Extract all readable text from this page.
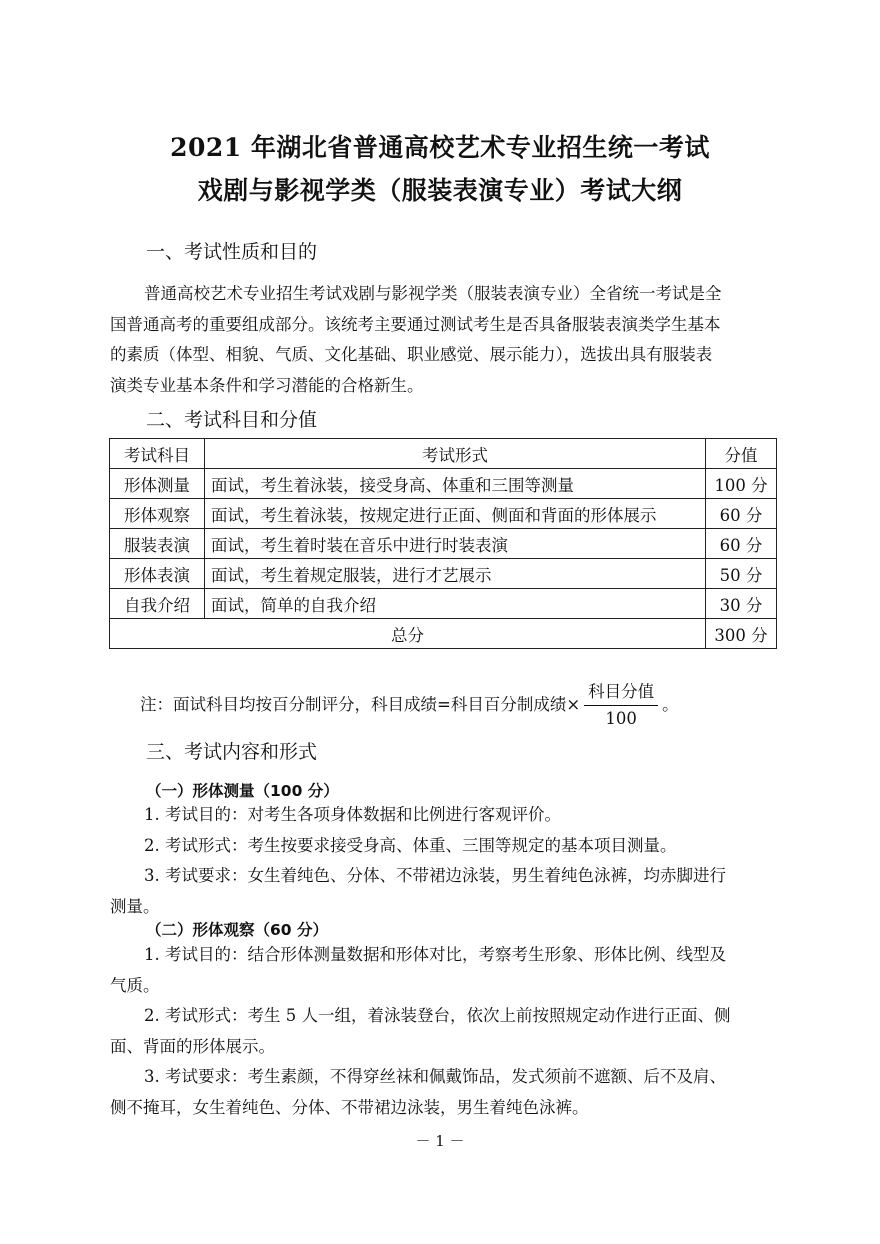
2021 年湖北省普通高校艺术专业招生统一考试
戏剧与影视学类（服装表演专业）考试大纲
一、考试性质和目的
普通高校艺术专业招生考试戏剧与影视学类（服装表演专业）全省统一考试是全
国普通高考的重要组成部分。该统考主要通过测试考生是否具备服装表演类学生基本
的素质（体型、相貌、气质、文化基础、职业感觉、展示能力），选拔出具有服装表
演类专业基本条件和学习潜能的合格新生。
二、考试科目和分值
考试科目	考试形式	分值
形体测量	面试，考生着泳装，接受身高、体重和三围等测量	100 分
形体观察	面试，考生着泳装，按规定进行正面、侧面和背面的形体展示	60 分
服装表演	面试，考生着时装在音乐中进行时装表演	60 分
形体表演	面试，考生着规定服装，进行才艺展示	50 分
自我介绍	面试，简单的自我介绍	30 分
总分		300 分
注：面试科目均按百分制评分，科目成绩=科目百分制成绩× $\frac{\text{科目分值}}{100}$ 。
三、考试内容和形式
（一）形体测量（100 分）
1. 考试目的：对考生各项身体数据和比例进行客观评价。
2. 考试形式：考生按要求接受身高、体重、三围等规定的基本项目测量。
3. 考试要求：女生着纯色、分体、不带裙边泳装，男生着纯色泳裤，均赤脚进行
测量。
（二）形体观察（60 分）
1. 考试目的：结合形体测量数据和形体对比，考察考生形象、形体比例、线型及
气质。
2. 考试形式：考生 5 人一组，着泳装登台，依次上前按照规定动作进行正面、侧
面、背面的形体展示。
3. 考试要求：考生素颜，不得穿丝袜和佩戴饰品，发式须前不遮额、后不及肩、
侧不掩耳，女生着纯色、分体、不带裙边泳装，男生着纯色泳裤。
－ 1 －
